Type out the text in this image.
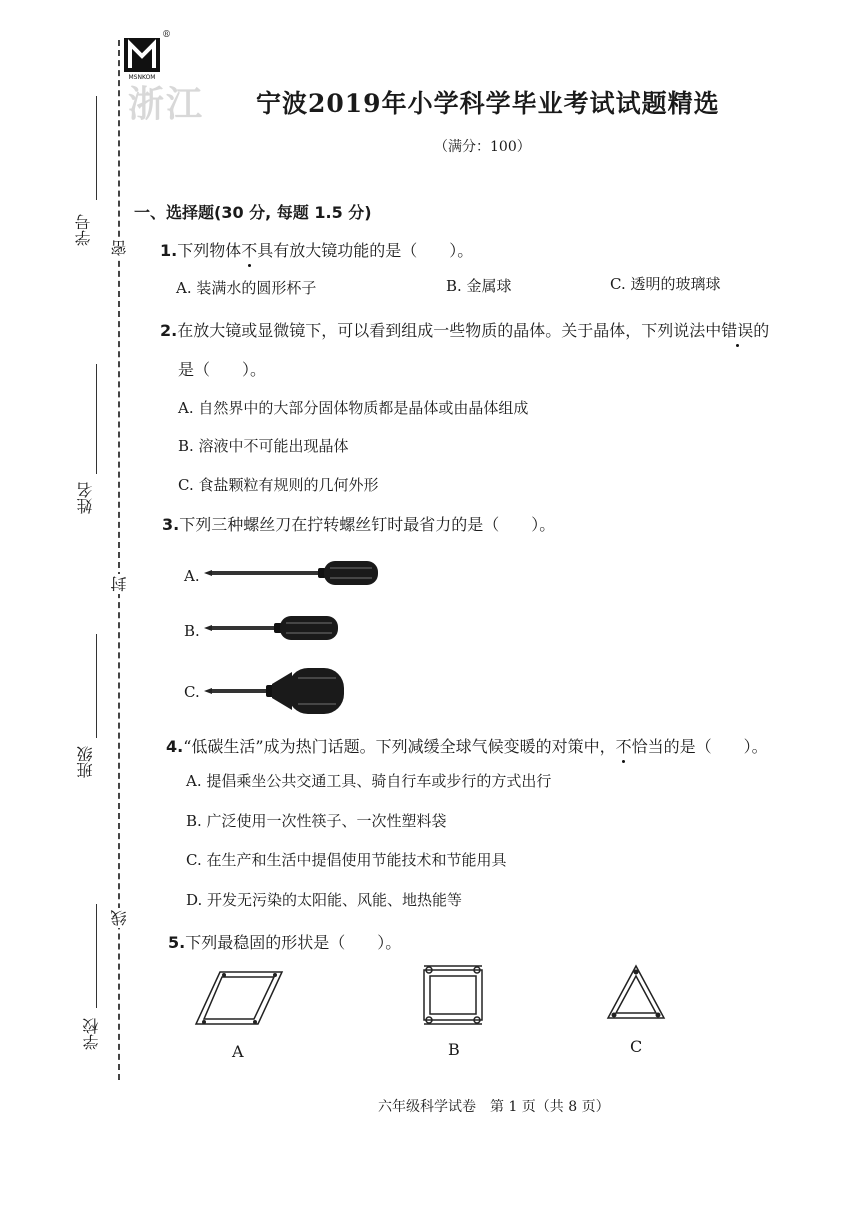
学号
姓名
班级
学校
密
封
线
MSNKOM
®
浙江 宁波2019年小学科学毕业考试试题精选
（满分：100）
一、选择题(30 分, 每题 1.5 分)
1.下列物体不具有放大镜功能的是（　　）。
A. 装满水的圆形杯子	B. 金属球	C. 透明的玻璃球
2.在放大镜或显微镜下，可以看到组成一些物质的晶体。关于晶体，下列说法中错误的
是（　　）。
A. 自然界中的大部分固体物质都是晶体或由晶体组成
B. 溶液中不可能出现晶体
C. 食盐颗粒有规则的几何外形
3.下列三种螺丝刀在拧转螺丝钉时最省力的是（　　）。
A.
B.
C.
4.“低碳生活”成为热门话题。下列减缓全球气候变暖的对策中，不恰当的是（　　）。
A. 提倡乘坐公共交通工具、骑自行车或步行的方式出行
B. 广泛使用一次性筷子、一次性塑料袋
C. 在生产和生活中提倡使用节能技术和节能用具
D. 开发无污染的太阳能、风能、地热能等
5.下列最稳固的形状是（　　）。
A	B	C
六年级科学试卷　第 1 页（共 8 页）
